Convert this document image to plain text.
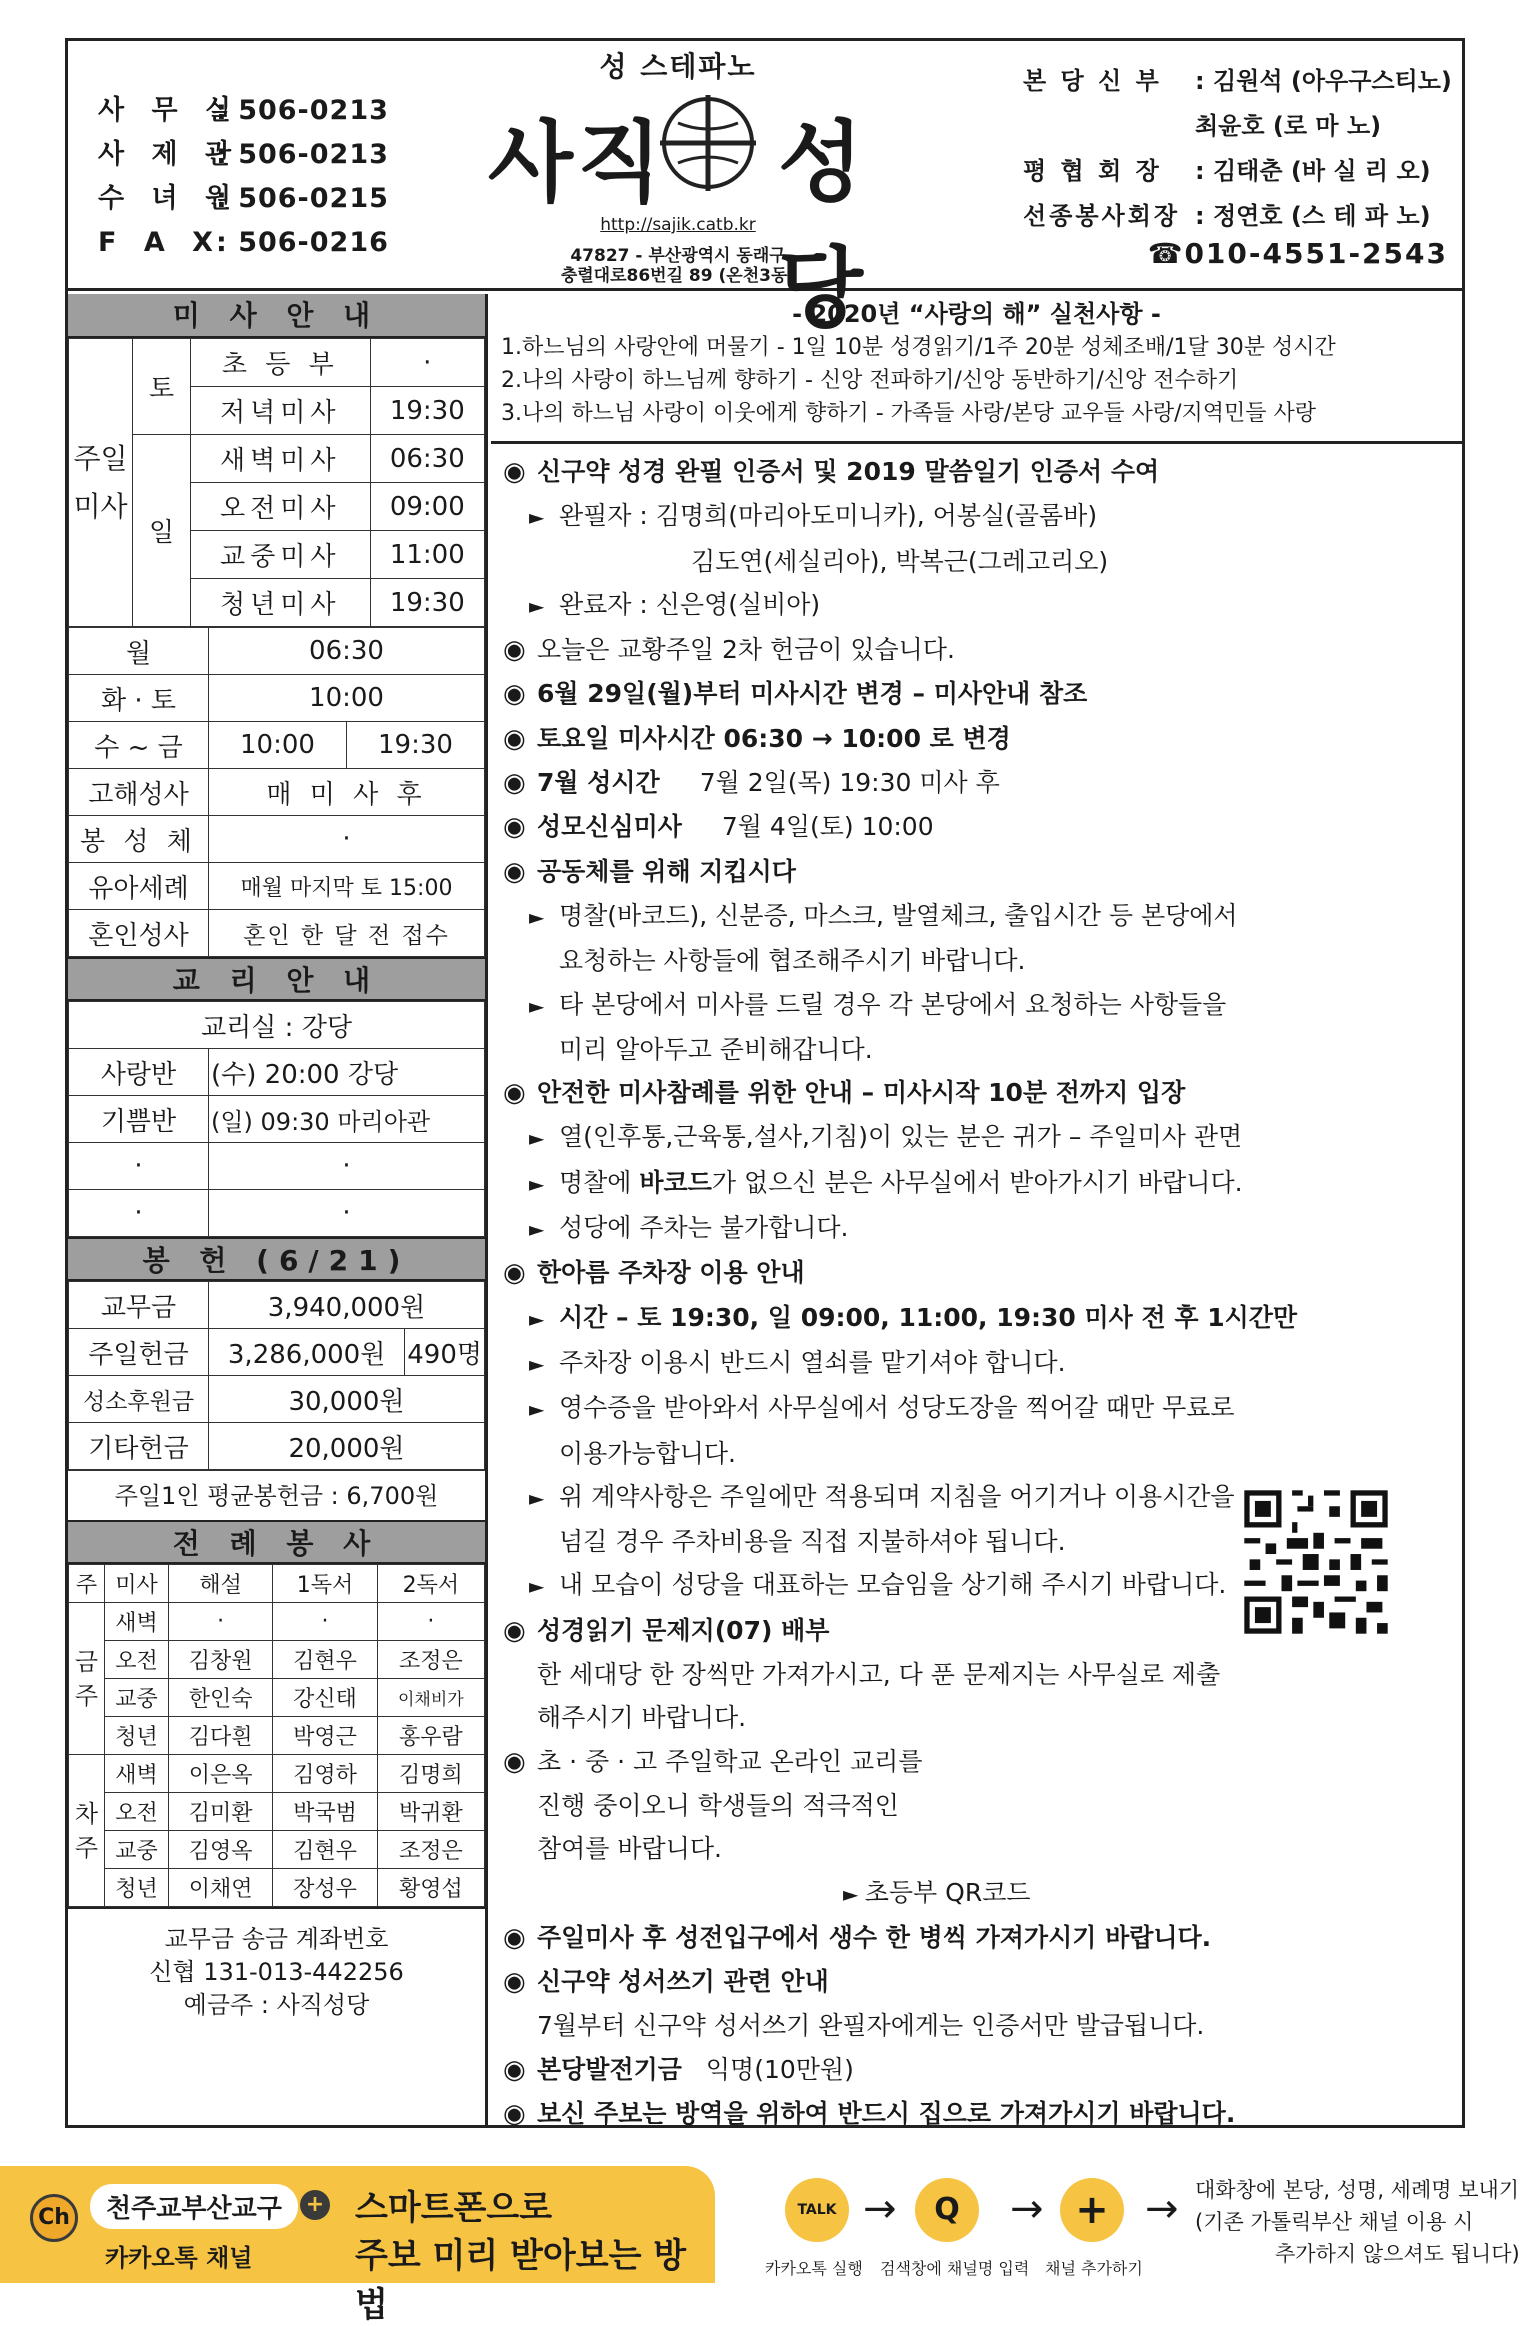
사 무 실: 506-0213
사 제 관: 506-0213
수 녀 원: 506-0215
F A X: 506-0216
성 스테파노
사직 성당
http://sajik.catb.kr
47827 - 부산광역시 동래구
충렬대로86번길 89 (온천3동)
본 당 신 부 : 김원석 (아우구스티노)
최윤호 (로 마 노)
평 협 회 장 : 김태춘 (바 실 리 오)
선종봉사회장 : 정연호 (스 테 파 노)
☎010-4551-2543
미 사 안 내
주일미사	토	초 등 부	·
		저녁미사	19:30
	일	새벽미사	06:30
		오전미사	09:00
		교중미사	11:00
		청년미사	19:30
월	06:30	
화 · 토	10:00	
수 ~ 금	10:00	19:30
고해성사	매 미 사 후	
봉 성 체	·	
유아세례	매월 마지막 토 15:00	
혼인성사	혼인 한 달 전 접수	
교 리 안 내
교리실 : 강당	
사랑반	(수) 20:00 강당
기쁨반	(일) 09:30 마리아관
·	·
·	·
봉 헌 (6/21)
교무금	3,940,000원	
주일헌금	3,286,000원	490명
성소후원금	30,000원	
기타헌금	20,000원	
주일1인 평균봉헌금 : 6,700원
전 례 봉 사
주	미사	해설	1독서	2독서
금주	새벽	·	·	·
	오전	김창원	김현우	조정은
	교중	한인숙	강신태	이채비가
	청년	김다흰	박영근	홍우람
차주	새벽	이은옥	김영하	김명희
	오전	김미환	박국범	박귀환
	교중	김영옥	김현우	조정은
	청년	이채연	장성우	황영섭
교무금 송금 계좌번호
신협 131-013-442256
예금주 : 사직성당
- 2020년 “사랑의 해” 실천사항 -
1.하느님의 사랑안에 머물기 - 1일 10분 성경읽기/1주 20분 성체조배/1달 30분 성시간
2.나의 사랑이 하느님께 향하기 - 신앙 전파하기/신앙 동반하기/신앙 전수하기
3.나의 하느님 사랑이 이웃에게 향하기 - 가족들 사랑/본당 교우들 사랑/지역민들 사랑
◉ 신구약 성경 완필 인증서 및 2019 말씀일기 인증서 수여
► 완필자 : 김명희(마리아도미니카), 어봉실(골롬바)
김도연(세실리아), 박복근(그레고리오)
► 완료자 : 신은영(실비아)
◉ 오늘은 교황주일 2차 헌금이 있습니다.
◉ 6월 29일(월)부터 미사시간 변경 – 미사안내 참조
◉ 토요일 미사시간 06:30 → 10:00 로 변경
◉ 7월 성시간 7월 2일(목) 19:30 미사 후
◉ 성모신심미사 7월 4일(토) 10:00
◉ 공동체를 위해 지킵시다
► 명찰(바코드), 신분증, 마스크, 발열체크, 출입시간 등 본당에서
요청하는 사항들에 협조해주시기 바랍니다.
► 타 본당에서 미사를 드릴 경우 각 본당에서 요청하는 사항들을
미리 알아두고 준비해갑니다.
◉ 안전한 미사참례를 위한 안내 – 미사시작 10분 전까지 입장
► 열(인후통,근육통,설사,기침)이 있는 분은 귀가 – 주일미사 관면
► 명찰에 바코드가 없으신 분은 사무실에서 받아가시기 바랍니다.
► 성당에 주차는 불가합니다.
◉ 한아름 주차장 이용 안내
► 시간 – 토 19:30, 일 09:00, 11:00, 19:30 미사 전 후 1시간만
► 주차장 이용시 반드시 열쇠를 맡기셔야 합니다.
► 영수증을 받아와서 사무실에서 성당도장을 찍어갈 때만 무료로
이용가능합니다.
► 위 계약사항은 주일에만 적용되며 지침을 어기거나 이용시간을
넘길 경우 주차비용을 직접 지불하셔야 됩니다.
► 내 모습이 성당을 대표하는 모습임을 상기해 주시기 바랍니다.
◉ 성경읽기 문제지(07) 배부
한 세대당 한 장씩만 가져가시고, 다 푼 문제지는 사무실로 제출
해주시기 바랍니다.
◉ 초 · 중 · 고 주일학교 온라인 교리를
진행 중이오니 학생들의 적극적인
참여를 바랍니다.
► 초등부 QR코드
◉ 주일미사 후 성전입구에서 생수 한 병씩 가져가시기 바랍니다.
◉ 신구약 성서쓰기 관련 안내
7월부터 신구약 성서쓰기 완필자에게는 인증서만 발급됩니다.
◉ 본당발전기금 익명(10만원)
◉ 보신 주보는 방역을 위하여 반드시 집으로 가져가시기 바랍니다.
Ch	천주교부산교구	+
카카오톡 채널
스마트폰으로
주보 미리 받아보는 방법
TALK
카카오톡 실행
→	Q
검색창에 채널명 입력
→ +
채널 추가하기
→ 대화창에 본당, 성명, 세례명 보내기
(기존 가톨릭부산 채널 이용 시
추가하지 않으셔도 됩니다)
